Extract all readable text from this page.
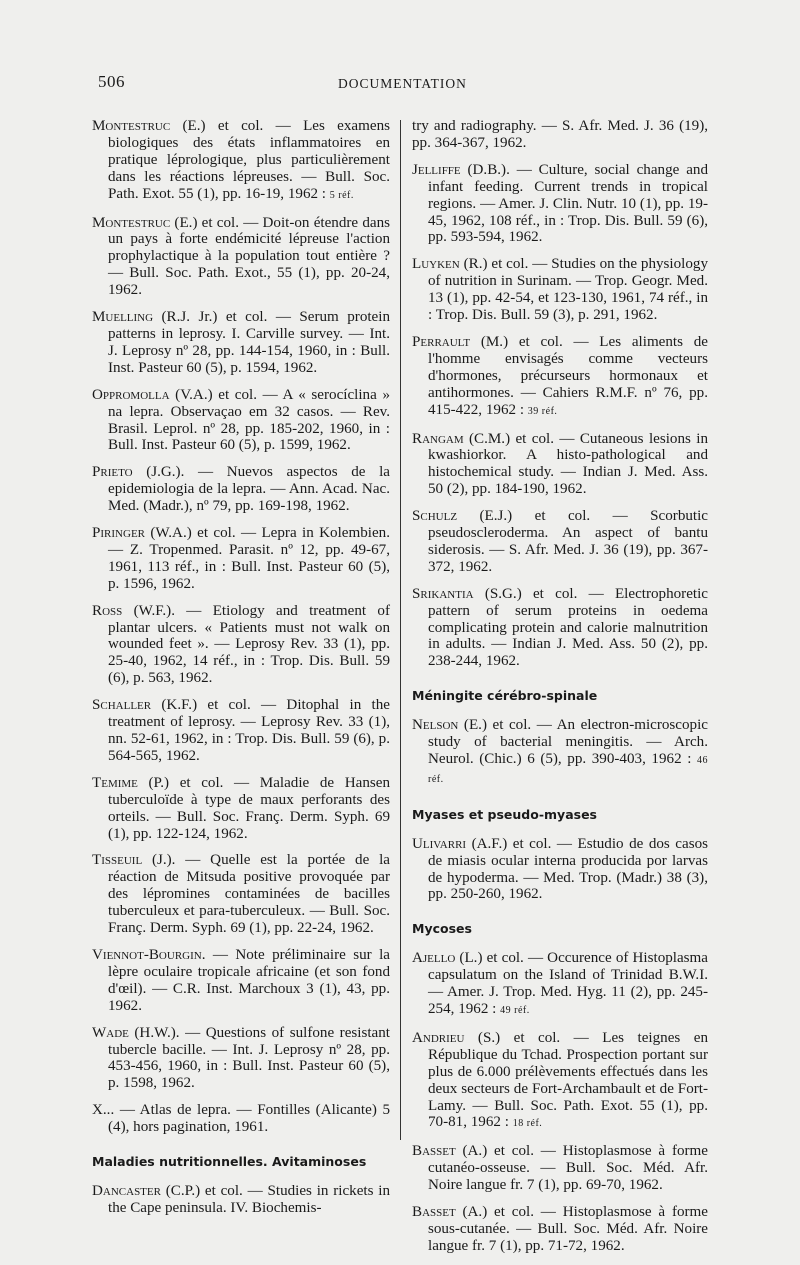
506	DOCUMENTATION

Montestruc (E.) et col. — Les examens biologiques des états inflammatoires en pratique léprologique, plus particulièrement dans les réactions lépreuses. — Bull. Soc. Path. Exot. 55 (1), pp. 16-19, 1962 : 5 réf.

Montestruc (E.) et col. — Doit-on étendre dans un pays à forte endémicité lépreuse l'action prophylactique à la population tout entière ? — Bull. Soc. Path. Exot., 55 (1), pp. 20-24, 1962.

Muelling (R.J. Jr.) et col. — Serum protein patterns in leprosy. I. Carville survey. — Int. J. Leprosy nº 28, pp. 144-154, 1960, in : Bull. Inst. Pasteur 60 (5), p. 1594, 1962.

Oppromolla (V.A.) et col. — A « serocíclina » na lepra. Observaçao em 32 casos. — Rev. Brasil. Leprol. nº 28, pp. 185-202, 1960, in : Bull. Inst. Pasteur 60 (5), p. 1599, 1962.

Prieto (J.G.). — Nuevos aspectos de la epidemiologia de la lepra. — Ann. Acad. Nac. Med. (Madr.), nº 79, pp. 169-198, 1962.

Piringer (W.A.) et col. — Lepra in Kolembien. — Z. Tropenmed. Parasit. nº 12, pp. 49-67, 1961, 113 réf., in : Bull. Inst. Pasteur 60 (5), p. 1596, 1962.

Ross (W.F.). — Etiology and treatment of plantar ulcers. « Patients must not walk on wounded feet ». — Leprosy Rev. 33 (1), pp. 25-40, 1962, 14 réf., in : Trop. Dis. Bull. 59 (6), p. 563, 1962.

Schaller (K.F.) et col. — Ditophal in the treatment of leprosy. — Leprosy Rev. 33 (1), nn. 52-61, 1962, in : Trop. Dis. Bull. 59 (6), p. 564-565, 1962.

Temime (P.) et col. — Maladie de Hansen tuberculoïde à type de maux perforants des orteils. — Bull. Soc. Franç. Derm. Syph. 69 (1), pp. 122-124, 1962.

Tisseuil (J.). — Quelle est la portée de la réaction de Mitsuda positive provoquée par des lépromines contaminées de bacilles tuberculeux et para-tuberculeux. — Bull. Soc. Franç. Derm. Syph. 69 (1), pp. 22-24, 1962.

Viennot-Bourgin. — Note préliminaire sur la lèpre oculaire tropicale africaine (et son fond d'œil). — C.R. Inst. Marchoux 3 (1), 43, pp. 1962.

Wade (H.W.). — Questions of sulfone resistant tubercle bacille. — Int. J. Leprosy nº 28, pp. 453-456, 1960, in : Bull. Inst. Pasteur 60 (5), p. 1598, 1962.

X... — Atlas de lepra. — Fontilles (Alicante) 5 (4), hors pagination, 1961.

Maladies nutritionnelles. Avitaminoses

Dancaster (C.P.) et col. — Studies in rickets in the Cape peninsula. IV. Biochemis-

try and radiography. — S. Afr. Med. J. 36 (19), pp. 364-367, 1962.

Jelliffe (D.B.). — Culture, social change and infant feeding. Current trends in tropical regions. — Amer. J. Clin. Nutr. 10 (1), pp. 19-45, 1962, 108 réf., in : Trop. Dis. Bull. 59 (6), pp. 593-594, 1962.

Luyken (R.) et col. — Studies on the physiology of nutrition in Surinam. — Trop. Geogr. Med. 13 (1), pp. 42-54, et 123-130, 1961, 74 réf., in : Trop. Dis. Bull. 59 (3), p. 291, 1962.

Perrault (M.) et col. — Les aliments de l'homme envisagés comme vecteurs d'hormones, précurseurs hormonaux et antihormones. — Cahiers R.M.F. nº 76, pp. 415-422, 1962 : 39 réf.

Rangam (C.M.) et col. — Cutaneous lesions in kwashiorkor. A histo-pathological and histochemical study. — Indian J. Med. Ass. 50 (2), pp. 184-190, 1962.

Schulz (E.J.) et col. — Scorbutic pseudoscleroderma. An aspect of bantu siderosis. — S. Afr. Med. J. 36 (19), pp. 367-372, 1962.

Srikantia (S.G.) et col. — Electrophoretic pattern of serum proteins in oedema complicating protein and calorie malnutrition in adults. — Indian J. Med. Ass. 50 (2), pp. 238-244, 1962.

Méningite cérébro-spinale

Nelson (E.) et col. — An electron-microscopic study of bacterial meningitis. — Arch. Neurol. (Chic.) 6 (5), pp. 390-403, 1962 : 46 réf.

Myases et pseudo-myases

Ulivarri (A.F.) et col. — Estudio de dos casos de miasis ocular interna producida por larvas de hypoderma. — Med. Trop. (Madr.) 38 (3), pp. 250-260, 1962.

Mycoses

Ajello (L.) et col. — Occurence of Histoplasma capsulatum on the Island of Trinidad B.W.I. — Amer. J. Trop. Med. Hyg. 11 (2), pp. 245-254, 1962 : 49 réf.

Andrieu (S.) et col. — Les teignes en République du Tchad. Prospection portant sur plus de 6.000 prélèvements effectués dans les deux secteurs de Fort-Archambault et de Fort-Lamy. — Bull. Soc. Path. Exot. 55 (1), pp. 70-81, 1962 : 18 réf.

Basset (A.) et col. — Histoplasmose à forme cutanéo-osseuse. — Bull. Soc. Méd. Afr. Noire langue fr. 7 (1), pp. 69-70, 1962.

Basset (A.) et col. — Histoplasmose à forme sous-cutanée. — Bull. Soc. Méd. Afr. Noire langue fr. 7 (1), pp. 71-72, 1962.
